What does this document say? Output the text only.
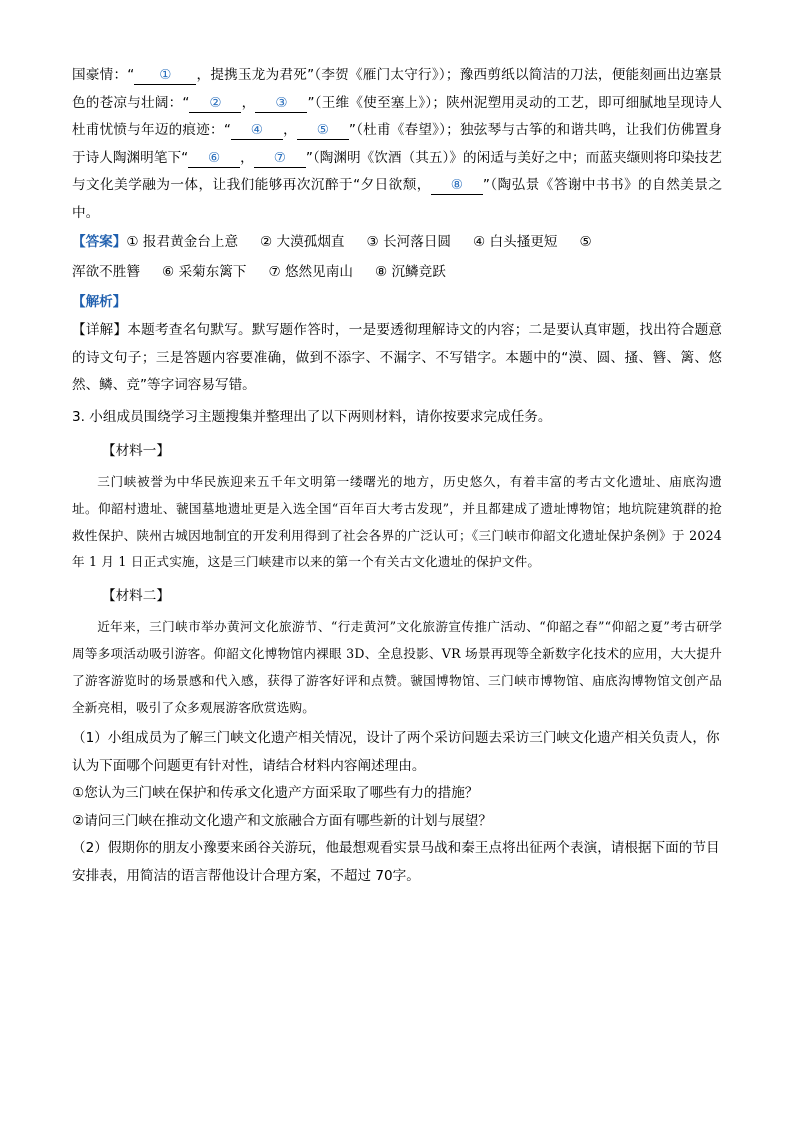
国豪情：“ ① ，提携玉龙为君死”（李贺《雁门太守行》）；豫西剪纸以简洁的刀法，便能刻画出边塞景色的苍凉与壮阔：“ ② ， ③ ”（王维《使至塞上》）；陕州泥塑用灵动的工艺，即可细腻地呈现诗人杜甫忧愤与年迈的痕迹：“ ④ ， ⑤ ”（杜甫《春望》）；独弦琴与古筝的和谐共鸣，让我们仿佛置身于诗人陶渊明笔下“ ⑥ ， ⑦ ”（陶渊明《饮酒（其五）》的闲适与美好之中；而蓝夹缬则将印染技艺与文化美学融为一体，让我们能够再次沉醉于“夕日欲颓， ⑧ ”（陶弘景《答谢中书书》的自然美景之中。

【答案】① 报君黄金台上意 ② 大漠孤烟直 ③ 长河落日圆 ④ 白头搔更短 ⑤
浑欲不胜簪 ⑥ 采菊东篱下 ⑦ 悠然见南山 ⑧ 沉鳞竞跃
【解析】

【详解】本题考查名句默写。默写题作答时，一是要透彻理解诗文的内容；二是要认真审题，找出符合题意的诗文句子；三是答题内容要准确，做到不添字、不漏字、不写错字。本题中的“漠、圆、搔、簪、篱、悠然、鳞、竞”等字词容易写错。

3. 小组成员围绕学习主题搜集并整理出了以下两则材料，请你按要求完成任务。

【材料一】

三门峡被誉为中华民族迎来五千年文明第一缕曙光的地方，历史悠久，有着丰富的考古文化遗址、庙底沟遗址。仰韶村遗址、虢国墓地遗址更是入选全国“百年百大考古发现”，并且都建成了遗址博物馆；地坑院建筑群的抢救性保护、陕州古城因地制宜的开发利用得到了社会各界的广泛认可；《三门峡市仰韶文化遗址保护条例》于 2024 年 1 月 1 日正式实施，这是三门峡建市以来的第一个有关古文化遗址的保护文件。

【材料二】

近年来，三门峡市举办黄河文化旅游节、“行走黄河”文化旅游宣传推广活动、“仰韶之春”“仰韶之夏”考古研学周等多项活动吸引游客。仰韶文化博物馆内裸眼 3D、全息投影、VR 场景再现等全新数字化技术的应用，大大提升了游客游览时的场景感和代入感，获得了游客好评和点赞。虢国博物馆、三门峡市博物馆、庙底沟博物馆文创产品全新亮相，吸引了众多观展游客欣赏选购。

（1）小组成员为了解三门峡文化遗产相关情况，设计了两个采访问题去采访三门峡文化遗产相关负责人，你认为下面哪个问题更有针对性，请结合材料内容阐述理由。

①您认为三门峡在保护和传承文化遗产方面采取了哪些有力的措施？

②请问三门峡在推动文化遗产和文旅融合方面有哪些新的计划与展望？

（2）假期你的朋友小豫要来函谷关游玩，他最想观看实景马战和秦王点将出征两个表演，请根据下面的节目安排表，用简洁的语言帮他设计合理方案，不超过 70字。
